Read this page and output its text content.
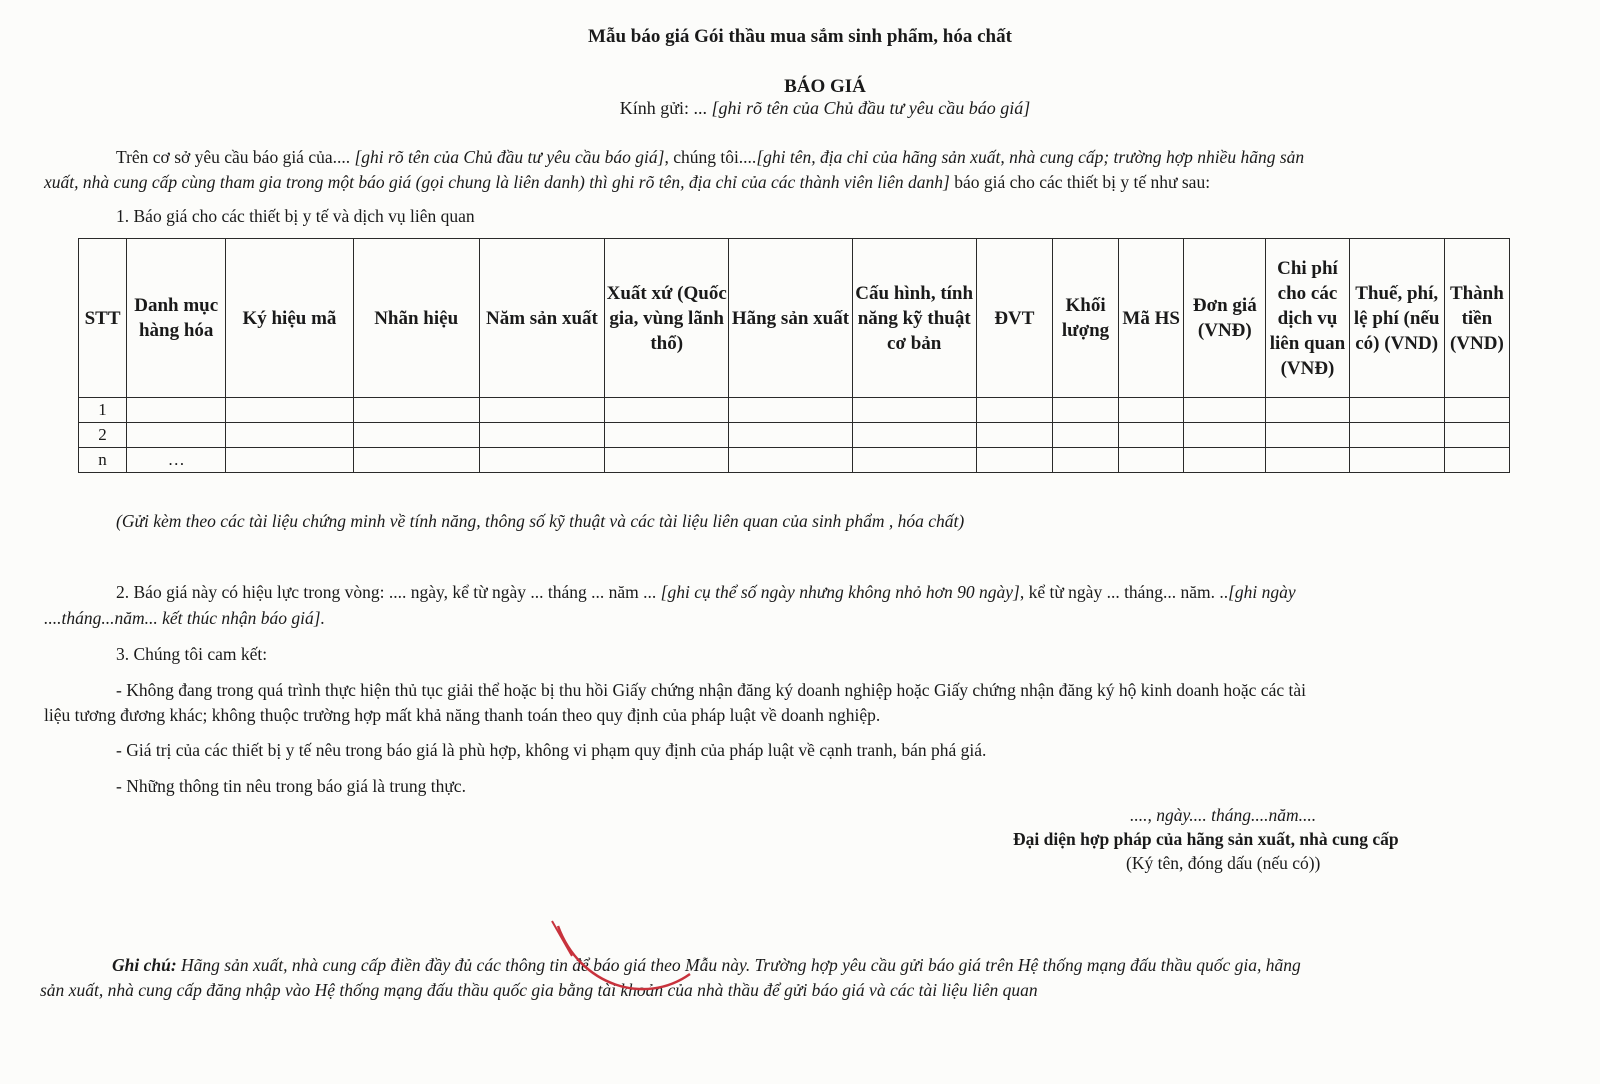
Mẫu báo giá Gói thầu mua sắm sinh phẩm, hóa chất
BÁO GIÁ
Kính gửi: ... [ghi rõ tên của Chủ đầu tư yêu cầu báo giá]
Trên cơ sở yêu cầu báo giá của.... [ghi rõ tên của Chủ đầu tư yêu cầu báo giá], chúng tôi....[ghi tên, địa chỉ của hãng sản xuất, nhà cung cấp; trường hợp nhiều hãng sản
xuất, nhà cung cấp cùng tham gia trong một báo giá (gọi chung là liên danh) thì ghi rõ tên, địa chỉ của các thành viên liên danh] báo giá cho các thiết bị y tế như sau:
1. Báo giá cho các thiết bị y tế và dịch vụ liên quan
STT	Danh mục hàng hóa	Ký hiệu mã	Nhãn hiệu	Năm sản xuất	Xuất xứ (Quốc gia, vùng lãnh thổ)	Hãng sản xuất	Cấu hình, tính năng kỹ thuật cơ bản	ĐVT	Khối lượng	Mã HS	Đơn giá (VNĐ)	Chi phí cho các dịch vụ liên quan (VNĐ)	Thuế, phí, lệ phí (nếu có) (VND)	Thành tiền (VND)
1														
2														
n	…													
(Gửi kèm theo các tài liệu chứng minh về tính năng, thông số kỹ thuật và các tài liệu liên quan của sinh phẩm , hóa chất)
2. Báo giá này có hiệu lực trong vòng: .... ngày, kể từ ngày ... tháng ... năm ... [ghi cụ thể số ngày nhưng không nhỏ hơn 90 ngày], kể từ ngày ... tháng... năm. ..[ghi ngày
....tháng...năm... kết thúc nhận báo giá].
3. Chúng tôi cam kết:
- Không đang trong quá trình thực hiện thủ tục giải thể hoặc bị thu hồi Giấy chứng nhận đăng ký doanh nghiệp hoặc Giấy chứng nhận đăng ký hộ kinh doanh hoặc các tài
liệu tương đương khác; không thuộc trường hợp mất khả năng thanh toán theo quy định của pháp luật về doanh nghiệp.
- Giá trị của các thiết bị y tế nêu trong báo giá là phù hợp, không vi phạm quy định của pháp luật về cạnh tranh, bán phá giá.
- Những thông tin nêu trong báo giá là trung thực.
...., ngày.... tháng....năm....
Đại diện hợp pháp của hãng sản xuất, nhà cung cấp
(Ký tên, đóng dấu (nếu có))
Ghi chú: Hãng sản xuất, nhà cung cấp điền đầy đủ các thông tin để báo giá theo Mẫu này. Trường hợp yêu cầu gửi báo giá trên Hệ thống mạng đấu thầu quốc gia, hãng
sản xuất, nhà cung cấp đăng nhập vào Hệ thống mạng đấu thầu quốc gia bằng tài khoản của nhà thầu để gửi báo giá và các tài liệu liên quan
